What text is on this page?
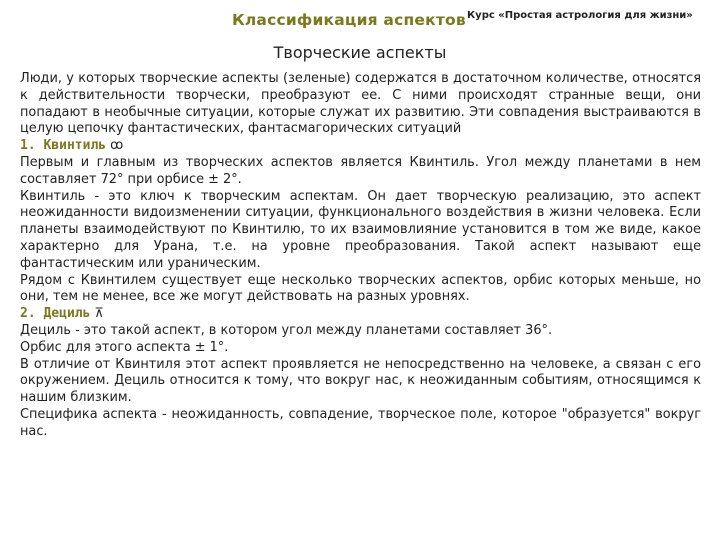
Классификация аспектов Курс «Простая астрология для жизни»
Творческие аспекты

Люди, у которых творческие аспекты (зеленые) содержатся в достаточном количестве, относятся к действительности творчески, преобразуют ее. С ними происходят странные вещи, они попадают в необычные ситуации, которые служат их развитию. Эти совпадения выстраиваются в целую цепочку фантастических, фантасмагорических ситуаций

1. Квинтиль ꝏ

Первым и главным из творческих аспектов является Квинтиль. Угол между планетами в нем составляет 72° при орбисе ± 2°.

Квинтиль - это ключ к творческим аспектам. Он дает творческую реализацию, это аспект неожиданности видоизменении ситуации, функционального воздействия в жизни человека. Если планеты взаимодействуют по Квинтилю, то их взаимовлияние установится в том же виде, какое характерно для Урана, т.е. на уровне преобразования. Такой аспект называют еще фантастическим или ураническим.

Рядом с Квинтилем существует еще несколько творческих аспектов, орбис которых меньше, но они, тем не менее, все же могут действовать на разных уровнях.

2. Дециль ⊼

Дециль - это такой аспект, в котором угол между планетами составляет 36°.

Орбис для этого аспекта ± 1°.

В отличие от Квинтиля этот аспект проявляется не непосредственно на человеке, а связан с его окружением. Дециль относится к тому, что вокруг нас, к неожиданным событиям, относящимся к нашим близким.

Специфика аспекта - неожиданность, совпадение, творческое поле, которое "образуется" вокруг нас.
